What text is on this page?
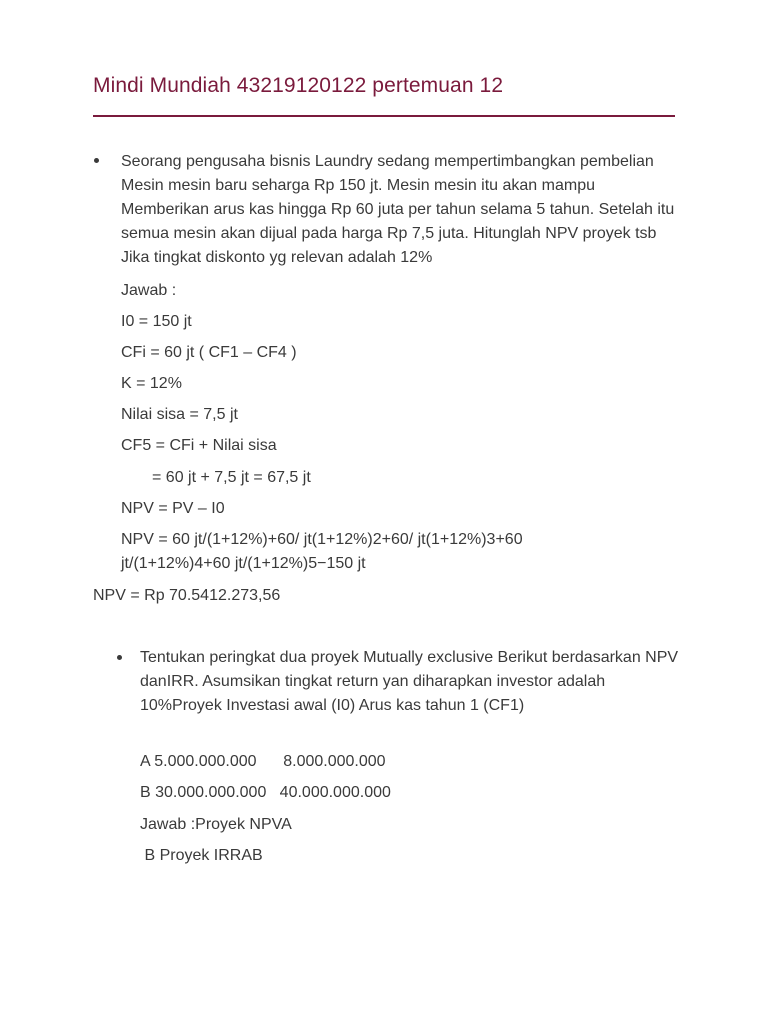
Mindi Mundiah 43219120122 pertemuan 12
Seorang pengusaha bisnis Laundry sedang mempertimbangkan pembelian Mesin mesin baru seharga Rp 150 jt. Mesin mesin itu akan mampu Memberikan arus kas hingga Rp 60 juta per tahun selama 5 tahun. Setelah itu semua mesin akan dijual pada harga Rp 7,5 juta. Hitunglah NPV proyek tsb Jika tingkat diskonto yg relevan adalah 12%
Jawab :
I0 = 150 jt
CFi = 60 jt ( CF1 – CF4 )
K = 12%
Nilai sisa = 7,5 jt
CF5 = CFi + Nilai sisa
= 60 jt + 7,5 jt = 67,5 jt
NPV = PV – I0
NPV = 60 jt/(1+12%)+60/ jt(1+12%)2+60/ jt(1+12%)3+60 jt/(1+12%)4+60 jt/(1+12%)5−150 jt
NPV = Rp 70.5412.273,56
Tentukan peringkat dua proyek Mutually exclusive Berikut berdasarkan NPV danIRR. Asumsikan tingkat return yan diharapkan investor adalah 10%Proyek Investasi awal (I0) Arus kas tahun 1 (CF1)
A 5.000.000.000      8.000.000.000
B 30.000.000.000   40.000.000.000
Jawab :Proyek NPVA
B Proyek IRRAB
